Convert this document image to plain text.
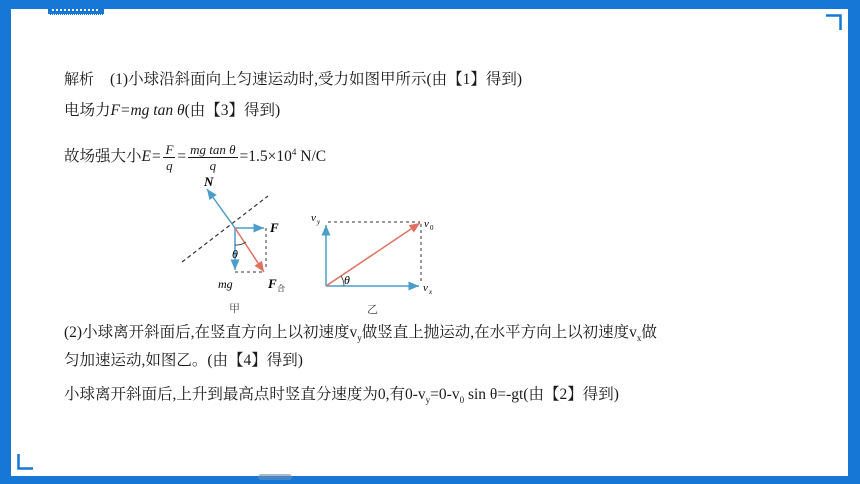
解析 (1)小球沿斜面向上匀速运动时,受力如图甲所示(由【1】得到)
电场力F=mg tan θ(由【3】得到)
故场强大小$E= \frac{F}{q} = \frac{\text{mg tan θ}}{q} =1.5\times 10^4$ N/C
N
F
θ
mg	F 合
甲
v y	v 0
θ
v x
乙
(2)小球离开斜面后,在竖直方向上以初速度$v_y$做竖直上抛运动,在水平方向上以初速度$v_x$做
匀加速运动,如图乙。(由【4】得到)
小球离开斜面后,上升到最高点时竖直分速度为0,有$0-v_y=0-v_0$ sin θ=-gt(由【2】得到)
